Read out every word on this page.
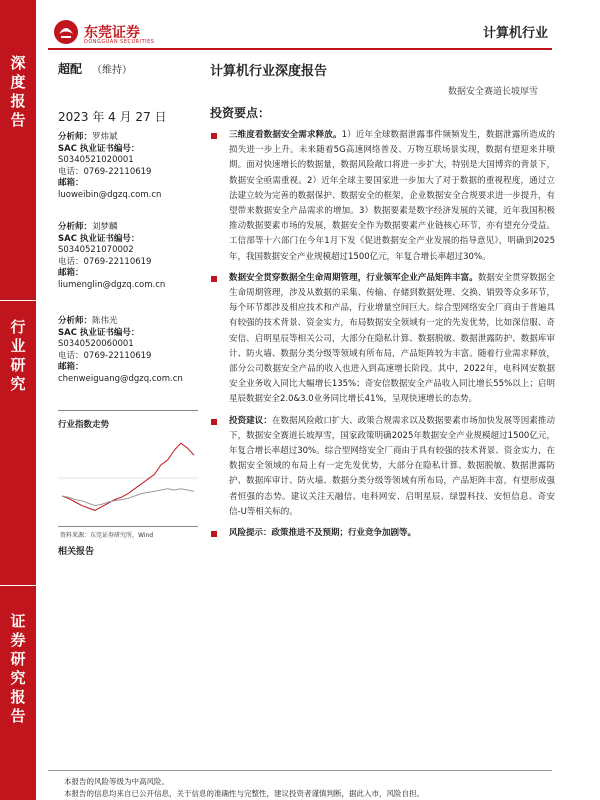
深
度
报
告
行
业
研
究
证
券
研
究
报
告
东莞证券
DONGGUAN SECURITIES
计算机行业
超配 （维持）	计算机行业深度报告
数据安全赛道长坡厚雪
2023 年 4 月 27 日
分析师：罗炜斌
SAC 执业证书编号：
S0340521020001
电话：0769-22110619
邮箱：
luoweibin@dgzq.com.cn
分析师：刘梦麟
SAC 执业证书编号：
S0340521070002
电话：0769-22110619
邮箱：
liumenglin@dgzq.com.cn
分析师：陈伟光
SAC 执业证书编号：
S0340520060001
电话：0769-22110619
邮箱：
chenweiguang@dgzq.com.cn
行业指数走势
资料来源：东莞证券研究所，Wind
相关报告
投资要点：
三维度看数据安全需求释放。1）近年全球数据泄露事件频频发生，数据泄露所造成的损失进一步上升。未来随着5G高速网络普及、万物互联场景实现，数据有望迎来井喷期。面对快速增长的数据量，数据风险敞口将进一步扩大，特别是大国博弈的背景下，数据安全亟需重视。2）近年全球主要国家进一步加大了对于数据的重视程度，通过立法建立较为完善的数据保护、数据安全的框架，企业数据安全合规要求进一步提升，有望带来数据安全产品需求的增加。3）数据要素是数字经济发展的关键，近年我国积极推动数据要素市场的发展，数据安全作为数据要素产业链核心环节，亦有望充分受益。工信部等十六部门在今年1月下发《促进数据安全产业发展的指导意见》，明确到2025年，我国数据安全产业规模超过1500亿元，年复合增长率超过30%。
数据安全贯穿数据全生命周期管理，行业领军企业产品矩阵丰富。数据安全贯穿数据全生命周期管理，涉及从数据的采集、传输、存储到数据处理、交换、销毁等众多环节，每个环节都涉及相应技术和产品，行业增量空间巨大。综合型网络安全厂商由于普遍具有较强的技术背景、资金实力，布局数据安全领域有一定的先发优势，比如深信服、奇安信、启明星辰等相关公司，大部分在隐私计算、数据脱敏、数据泄露防护、数据库审计、防火墙、数据分类分级等领域有所布局，产品矩阵较为丰富。随着行业需求释放，部分公司数据安全产品的收入也进入到高速增长阶段。其中，2022年，电科网安数据安全业务收入同比大幅增长135%；奇安信数据安全产品收入同比增长55%以上；启明星辰数据安全2.0&3.0业务同比增长41%，呈现快速增长的态势。
投资建议：在数据风险敞口扩大、政策合规需求以及数据要素市场加快发展等因素推动下，数据安全赛道长坡厚雪，国家政策明确2025年数据安全产业规模超过1500亿元，年复合增长率超过30%。综合型网络安全厂商由于具有较强的技术背景、资金实力，在数据安全领域的布局上有一定先发优势，大部分在隐私计算、数据脱敏、数据泄露防护、数据库审计、防火墙、数据分类分级等领域有所布局，产品矩阵丰富，有望形成强者恒强的态势。建议关注天融信、电科网安、启明星辰、绿盟科技、安恒信息、奇安信-U等相关标的。
风险提示：政策推进不及预期；行业竞争加剧等。
本报告的风险等级为中高风险。
本报告的信息均来自已公开信息，关于信息的准确性与完整性，建议投资者谨慎判断，据此入市，风险自担。
